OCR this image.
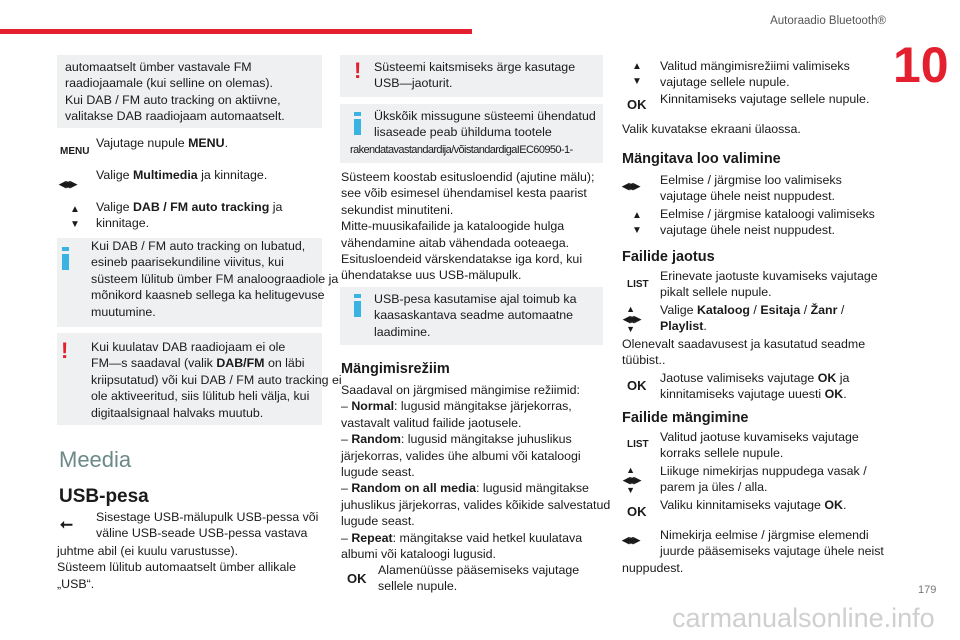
Autoraadio Bluetooth®
10
automaatselt ümber vastavale FM
raadiojaamale (kui selline on olemas).
Kui DAB / FM auto tracking on aktiivne,
valitakse DAB raadiojaam automaatselt.
MENU
Vajutage nupule MENU.
◀◀ ▶▶
Valige Multimedia ja kinnitage.
▲
▼
Valige DAB / FM auto tracking ja
kinnitage.
Kui DAB / FM auto tracking on lubatud,
esineb paarisekundiline viivitus, kui
süsteem lülitub ümber FM analoograadiole ja
mõnikord kaasneb sellega ka helitugevuse
muutumine.
! Kui kuulatav DAB raadiojaam ei ole
FM—s saadaval (valik DAB/FM on läbi
kriipsutatud) või kui DAB / FM auto tracking ei
ole aktiveeritud, siis lülitub heli välja, kui
digitaalsignaal halvaks muutub.
Meedia
USB-pesa
⭠ Sisestage USB-mälupulk USB-pessa või
väline USB-seade USB-pessa vastava
juhtme abil (ei kuulu varustusse).
Süsteem lülitub automaatselt ümber allikale
„USB“.
! Süsteemi kaitsmiseks ärge kasutage
USB—jaoturit.
Ükskõik missugune süsteemi ühendatud
lisaseade peab ühilduma tootele
rakendatavastandardija/võistandardigaIEC60950-1-
Süsteem koostab esitusloendid (ajutine mälu);
see võib esimesel ühendamisel kesta paarist
sekundist minutiteni.
Mitte-muusikafailide ja kataloogide hulga
vähendamine aitab vähendada ooteaega.
Esitusloendeid värskendatakse iga kord, kui
ühendatakse uus USB-mälupulk.
USB-pesa kasutamise ajal toimub ka
kaasaskantava seadme automaatne
laadimine.
Mängimisrežiim
Saadaval on järgmised mängimise režiimid:
– Normal: lugusid mängitakse järjekorras,
vastavalt valitud failide jaotusele.
– Random: lugusid mängitakse juhuslikus
järjekorras, valides ühe albumi või kataloogi
lugude seast.
– Random on all media: lugusid mängitakse
juhuslikus järjekorras, valides kõikide salvestatud
lugude seast.
– Repeat: mängitakse vaid hetkel kuulatava
albumi või kataloogi lugusid.
OK
Alamenüüsse pääsemiseks vajutage
sellele nupule.
▲
▼
OK
Valitud mängimisrežiimi valimiseks
vajutage sellele nupule.
Kinnitamiseks vajutage sellele nupule.
Valik kuvatakse ekraani ülaossa.
Mängitava loo valimine
◀◀ ▶▶ Eelmise / järgmise loo valimiseks
vajutage ühele neist nuppudest.
▲
▼
Eelmise / järgmise kataloogi valimiseks
vajutage ühele neist nuppudest.
Failide jaotus
LIST
Erinevate jaotuste kuvamiseks vajutage
pikalt sellele nupule.
▲
◀◀ ▶▶
▼
Valige Kataloog / Esitaja / Žanr /
Playlist.
Olenevalt saadavusest ja kasutatud seadme
tüübist..
OK Jaotuse valimiseks vajutage OK ja
kinnitamiseks vajutage uuesti OK.
Failide mängimine
LIST
Valitud jaotuse kuvamiseks vajutage
korraks sellele nupule.
▲
◀◀ ▶▶
▼
Liikuge nimekirjas nuppudega vasak /
parem ja üles / alla.
OK Valiku kinnitamiseks vajutage OK.
◀◀ ▶▶ Nimekirja eelmise / järgmise elemendi
juurde pääsemiseks vajutage ühele neist
nuppudest.
179
carmanualsonline.info
